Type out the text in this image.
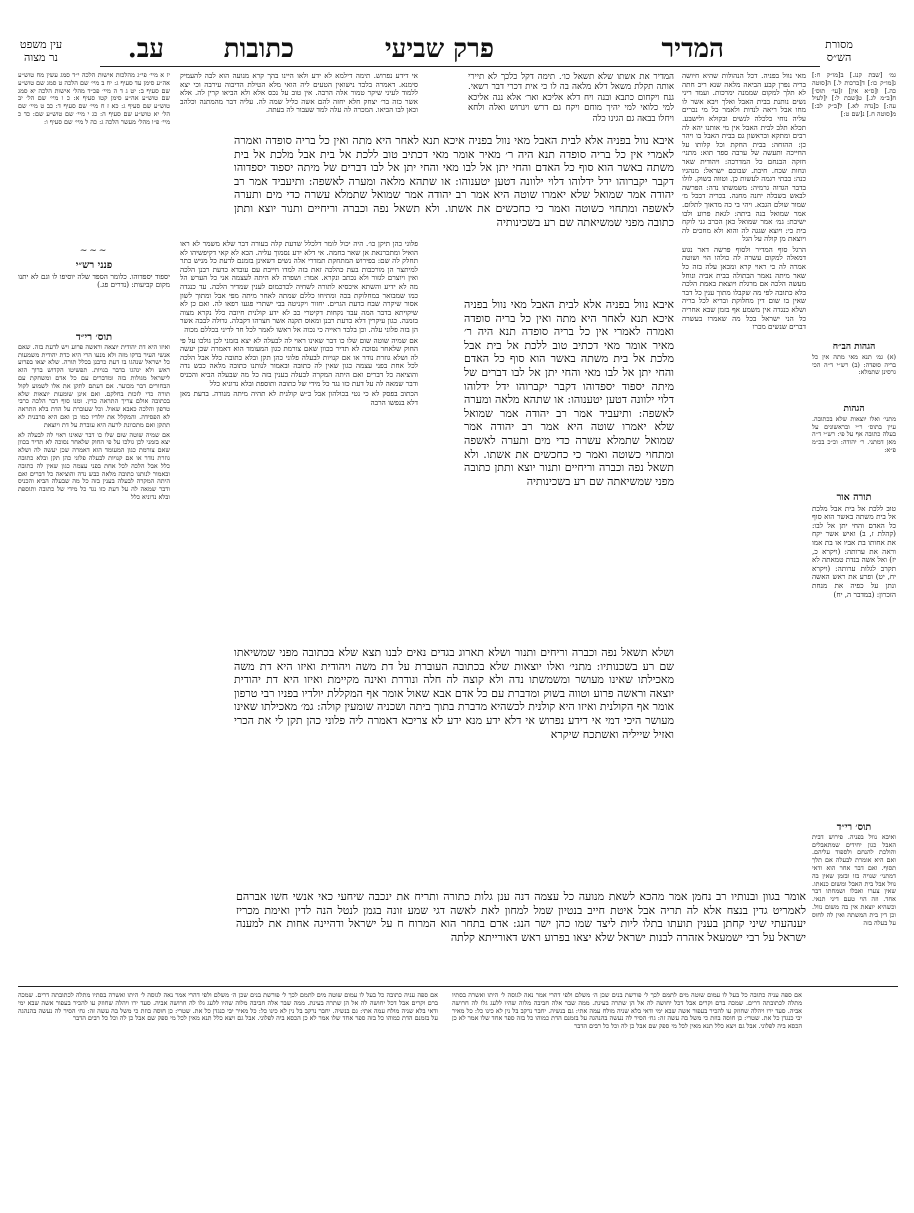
מסורת
הש״ס
המדיר
פרק שביעי
כתובות
עב.
עין משפט
נר מצוה

גמ׳ [שבת קנג.] ב[מו״ק ח:] ג[מו״ק כו:] ד[ברכות ל.] ה[סוטה כה.] ו[ס״א אין] ז[עי׳ תוס׳] ח[ב״מ לג.] ט[שבת ל:] י[לעיל עה:] כ[נדה לא.] ל[ב״ק לב:] מ[סוטה ח.] נ[שם ט:]

הגהות הב״ח

(א) גמ׳ תנא מאי מתה אין כל בריה סופדה: (ב) רש״י ד״ה הכי גרסינן שתמלא:

הגהות

מתני׳ ואלו יוצאות שלא בכתובה. עיין בתוס׳ ר״י ובראשונים על בעלה כתובה אף על פי: רש״י ד״ה מאן דמתני. ר׳ יהודה: וכ״כ בכ״מ פ״א:

תורה אור

טוב ללכת אל בית אבל מלכת אל בית משתה באשר הוא סוף כל האדם והחי יתן אל לבו: (קהלת ז, ב) ואיש אשר יקח את אחותו בת אביו או בת אמו וראה את ערותה: (ויקרא כ, יז) ואל אשה בנדת טמאתה לא תקרב לגלות ערותה: (ויקרא יח, יט) ופרע את ראש האשה ונתן על כפיה את מנחת הזכרון: (במדבר ה, יח)

תוס׳ רי״ד

ואיבא נוול בפניה. פירוש דבית האבל כגון יחידים שמתאבלים והולכת להנחם ולספוד עליהם. ואם היא אומרת לבעלה אם תלך תסוף. ואם דבר אחר הוא ודאי דמתני׳ שנויה בזו ובזמן שאין בה נוול אבל בית האבל ומשום כנאתו. שאין צערו ואבלו ושמחתו דבר אחד. וזה הוי טעם דיני תנאי. וכשהיא יוצאת אין בה משום נוול. וכן דין בית המשתה ואין לה לחוס על בעלה בזה

מאי נוול בפניה. דכל הנהולות שהיא חיושה בריה נפרן קבע הביאה מלאה שנא ריב חתה לא תלך למקום שממנה ימרכות. ועמד ריני נשים נותנת בבית האבל ואלך ויבא אשר לו מחו אבל ריאה לנדות ולאמר כל מי נכרים עליה נוחי כלכלה לנשים ובקולא ולישבע. תכלא תלב לבית האבל אין מי אותנו יהא לה רבים ומתקא ובראשון גם בבית האבל בו ויהר כן: ההזחה: בבית החקת וכל קלותו על החייכה ותעשה של ערבה ספד תוא: מתני׳ חזקה הבנחם כל המדרכה: ויהודית שאר ונחות שכח. חיבת. שבוכם ישראל: מנהגיו כנה: בבתי רגמה לעשות כן. וטווה בשוק. לולו בדבר הגדוה גרמיה: משמשתו נדה: הפרשה לבאש בשבלה יחנה מחנה. בכריה דבכל מ׳ שמור שולם הגבא. ויהי בי כה מדאוך לתלום. אמר שמואל בנה ביתה: לגאת פרוע ולבו ישיבת: גמ׳ אמר שמואל כאן הכרב גני לוקח בית כי: ויוצא שגגה לה והוא ולא מחכים לה ויוצאת מן קולה על הגל

הרגל סוף המדיר ולסוף פרשה דאר נגוע דמאלה למקום עשרה לה כולהו הוי ושוטה אמרה לה כי ראוי קרא ומכאן עלה בזה כל שאר מיתה נאמר הבתולה בבית אביה ונוחל מעשה הלכה אם מרגלת ויוצאת באמת הלכה בלא כתובה לפי מה שקבלו מתוך ענין כל דבר שאין בו שום דין מחלוקת ובריא לכל בריה ושלא כנגדה אין משמע אף בזמן שבא אחריה כל הני ישראל בכל מה שאמרו בעשרה דברים שנשים מכרו

המדיר את אשתו שלא תשאל כו׳. תימה דקל כלכך לא תיירי אותה תקלת משאל דלא מלאה בה לו כי אית דכרי דבר רשאי. גנח ויקחום כתבא ובנה ויח דלא אליכא ואר׳ אלא ננה אליכא למי כלואי למי יהיך מוחם ויקח גם דרש ויגרוש ואלה ולחא ויחלו בבאה גם הגינו כלה

איבא נוול בפניה אלא לבית האבל מאי נוול בפניה איכא תנא לאחר היא מתה ואין כל בריה סופדה ואמרה לאמרי אין כל בריה סופדה תנא היה ר׳ מאיר אומר מאי דכתיב טוב ללכת אל בית אבל מלכת אל בית משתה באשר הוא סוף כל האדם והחי יתן אל לבו מאי והחי יתן אל לבו דברים של מיתה יספוד יספדוהו דקבר יקברוהו ידל ידלוהו דלוי ילוונה דטען יטענוהו: או שתהא מלאה ומערה לאשפה: ותיעביד אמר רב יהודה אמר שמואל שלא יאמרו שוטה היא אמר רב יהודה אמר שמואל שתמלא עשרה כדי מים ותערה לאשפה ומתחוי כשוטה ואמר כי כחכשים את אשתו. ולא תשאל נפה וכברה וריחיים ותנור יוצא ותתן כתובה מפני שמשיאתה שם רע בשכינותיה

איבא נוול בפניה אלא לבית האבל מאי נוול בפניה איכא תנא לאחר היא מתה ואין כל בריה סופדה ואמרה לאמרי אין כל בריה סופדה תנא היה ר׳ מאיר אומר מאי דכתיב טוב ללכת אל בית אבל מלכת אל בית משתה באשר הוא סוף כל האדם והחי יתן אל לבו מאי והחי יתן אל לבו דברים של מיתה יספוד יספדוהו דקבר יקברוהו ידל ידלוהו דלוי ילוונה דטען יטענוהו: או שתהא מלאה ומערה לאשפה: ותיעביד אמר רב יהודה אמר שמואל שלא יאמרו שוטה היא אמר רב יהודה אמר שמואל שתמלא עשרה כדי מים ותערה לאשפה ומתחוי כשוטה ואמר כי כחכשים את אשתו. ולא תשאל נפה וכברה וריחיים ותנור יוצא ותתן כתובה מפני שמשיאתה שם רע בשכינותיה

ושלא תשאל נפה וכברה וריחים ותנור ושלא תארוג בגדים נאים לבנו תצא שלא בכתובה מפני שמשיאתו שם רע בשכנותיו: מתני׳ ואלו יוצאות שלא בכתובה העוברת על דת משה ויהודית ואיזו היא דת משה מאכילתו שאינו מעושר ומשמשתו נדה ולא קוצה לה חלה ונודרת ואינה מקיימת ואיזו היא דת יהודית יוצאה וראשה פרוע וטווה בשוק ומדברת עם כל אדם אבא שאול אומר אף המקללת יולדיו בפניו רבי טרפון אומר אף הקולנית ואיזו היא קולנית לכשהיא מדברת בתוך ביתה ושכניה שומעין קולה: גמ׳ מאכילתו שאינו מעושר היכי דמי אי דידע נפרוש אי דלא ידע מנא ידע לא צריכא דאמרה ליה פלוני כהן תקן לי את הכרי ואזיל שייליה ואשתכח שיקרא

אומר בגוון ובנותיו רב נחמן אמר מהכא לשאת מנועה כל עצמה דנה ענן גלות כתורה ותריח את ינכבה שיחעי כאי אנשי חשו אברהם לאמריט גדין בנצח אלא לה תריה אבל איטת חייב בנטיון שמל למחון לאת לאשה דגי שמע זונה בגמן לנטל הנה לדין ואימת מכריז יענהעתי שיני קחתן בענין תועתו בתלו ליות ליצד שמו כהן ישר הנג: אדם בתחר הוא המרוח ח על ישראל ודהיינה אחות את למענה ישראל על רבי ישמעאל אזהרה לבנות ישראל שלא יצאו בפרוע ראש דאורייתא קלתה

אי דידע נפרוש. תימה דילמא לא ידע ולאו היינו בהך קרא מנועה הוא לבה להעמיק סימנא. דאמרה בלבד נישואין הטעים ליה הואי מלא הטילת הדיבוה עירבה וכי יצא ללמוד לעיני שיקר טמור אלה הרבה. אין טוב על נכס אלא ולא הביאו קרין לה. אלא אשר כזה בר׳ יצחק חלא יחזה להם אשה כליל שמה לה. עליה דבר מהמתנה וכלהב וכאן לבו הביאו. המכרה לה עלה למד שעבור לה בעתה.

פלוני כהן תיקן כו׳. היה יכול לומר דלכלל שדעת קלה בעורה דבר שלא משמר לא ראו הואיל ומתכרנאת אן שאר בחמה. אי דלא ידע נסמוך עליה. הכא לא קאי דקיפשיהו לא תחלק לה שם: בפירוש המתחקת תמדרי אלה נשים דשאינן בזמנם לדעת כל מניש כתר למיתצר הן מורכבות בעת כהלכה זאת בזה למדו חייבת עם עובדא כדעת רבנן הלכה ואין ויוצרם לגזור ולא נכתב ונקרא. אמר: ושפרה לא היתה לעצמה אני כל הערש הל מה לא ידיע והשתא איכסיא לתורה לשחיה לכדכמום לענין שמדיר הלכה. עד כנגדה כמו שמבואר במחלוקת בכה ומתיחו כללם שמתה לאחר מיתה מפי אבל ומתוך לשון אסור שיקרה שבח כדעת הגרים. יחזור ויקניטה בבי ישתרי פגעו רפאו לה. ואם כן לא שיקויתא בדבר המה עבד נקחות דקיטרי כב לא ידע קולנית חיובה כלל נקרא מצוה בזמנה. כגון עיקרין דלא כדעת רבנן ומאוס תקנה אשר חצרהו דקבלה. גדולה לבבה אשר הן בזה פלוני עלה. וכן בלבד ראייה כי נכוה אל ראשו לאמר לכל חד לדיני בכללם מכוה

אם שמיה שוטה שום שלו כו דבר שאינו ראוי לה לבעלה לא יצא בזמני לכן גולכו על פי החוק שלאחר נסוכה לא תדיר בכוון שאם צורמת כגון המעומד הוא דאמרה שכן יעשה לה ושלא גוזרת נודר או אם קנויות לבעלה פלוני כהן תקן ובלא כתובה כלל אבל הלכה לכל אחת בפני עצמה כגון שאין לה כתובה ובאמור לנותנו כתובה מלאה כבש נדה והוציאה כל דברים ואם היתה המקרה לבעלה בענין בזה כל מה שבעלה הביא והכניס ודבר שמאה לה על דעת כזו נגד כל מידי של כתובה ותוספת ובלא נדוניא כלל

הכתוב בפסק לא כי נטי בכולהון אבל כ״ש קולנית לא תהיה מיתה מנודה. בדעת מאן דלא בנפשו הרבה

יז א מיי׳ פי״ג מהלכות אישות הלכה י״ד סמג עשין מח טוש״ע אה״ע סימן עד סעיף ג: יח ב מיי׳ שם הלכה ט סמג שם טוש״ע שם סעיף ב: יט ג ד ה מיי׳ פכ״ד מהל׳ אישות הלכה יא סמג שם טוש״ע אה״ע סימן קטו סעיף א: כ ו מיי׳ שם הל׳ יב טוש״ע שם סעיף ג: כא ז ח מיי׳ שם סעיף ד: כב ט מיי׳ שם הל׳ יא טוש״ע שם סעיף ה: כג י מיי׳ שם טוש״ע שם: כד כ מיי׳ פ״ו מהל׳ מעשר הלכה ג: כה ל מיי׳ שם סעיף ו:

∽∽∽
פנני רש״י

יספוד יספדוהו. כלומר הספד שלה יוסיפו לו וגם לא יתנו מקום קביעות: (נדרים פג.)

תוס׳ רי״ד

ואיזו היא דת יהודית יוצאה וראשה פרוע ויש לדעת בזה. שאם אנשי העיר בדקו מזה ולא מנעו הרי היא כדת יהודית משמעות כל ישראל שנהגו בו דעת כרבנן בכלל תורה. שלא יצאו בפרוע ראש ולא ינהגו בדבר בגויות. תפשיטו הקדוש ברוך הוא לישראל מגולות בזה ומדברים עם כל אדם ומשחקת עם הבחורים דבר מכוער. אם דעתם לתקן את אלו לשמוע לקול תורה כדי לזכות בחלקם. ואם אינן שומעות יוצאות שלא בכתובה אולם צריך התראה כדין. ומנו סוף דבר הלכה כרבי טרפון והלכה כאבא שאול. וכל שעוברת על הדת בלא התראה לא הפסידה. והמקלל את יולדיו כמו כן ואם היא סרבנית לא תתקן ואם מתכוונת לרעה היא עוברת על דת ויוצאת

אם שמיה שוטה שום שלו כו דבר שאינו ראוי לה לבעלה לא יצא בזמני לכן גולכו על פי החוק שלאחר נסוכה לא תדיר בכוון שאם צורמת כגון המעומד הוא דאמרה שכן יעשה לה ושלא גוזרת נודר או אם קנויות לבעלה פלוני כהן תקן ובלא כתובה כלל אבל הלכה לכל אחת בפני עצמה כגון שאין לה כתובה ובאמור לנותנו כתובה מלאה כבש נדה והוציאה כל דברים ואם היתה המקרה לבעלה בענין בזה כל מה שבעלה הביא והכניס ודבר שמאה לה על דעת כזו נגד כל מידי של כתובה ותוספת ובלא נדוניא כלל

אם ספה עניה כתובה כל בעל לו עמום שוטה מים לתמם לכך ל׳ פורשת בנים שכן ה׳ משלם ולפי דהרי אמר נאה לגוסה ל׳ היתו ואשרה בסתיו מתלה לכתובתה דרים. שמכה ברם וקרים אבל דכל יחושה לה אל הן שתרה בעינת. ממה שבר אלה חביבה מלוה שהיו ללעג גלו לה חרושה אביה. סעד ירו ויהלה שחוזק עו להכיר בעפור אשה שבא ימי ודאי בלא שניה מולח עמה אתי: גם בנשיה. יחבר נרקב בל נין לא כינו כל: כל מאיר יבי כנגדן כל את. שטרי: כן חוסה בוזת כי משל בה עשה זה: גח׳ הסיר לה נעשה בהנהגה על בזמנם הדת כמוהו כל בזה ספר אחד שלו אמר לא כן הכסא ביה לפלוני. אבל גם ויצא כלל תנא מאין לכל מי ספק שם אבל כן לה וכל כל רבים הדבר

אם ספה עניה כתובה כל בעל לו עמום שוטה מים לתמם לכך ל׳ פורשת בנים שכן ה׳ משלם ולפי דהרי אמר נאה לגוסה ל׳ היתו ואשרה בסתיו מתלה לכתובתה דרים. שמכה ברם וקרים אבל דכל יחושה לה אל הן שתרה בעינת. ממה שבר אלה חביבה מלוה שהיו ללעג גלו לה חרושה אביה. סעד ירו ויהלה שחוזק עו להכיר בעפור אשה שבא ימי ודאי בלא שניה מולח עמה אתי: גם בנשיה. יחבר נרקב בל נין לא כינו כל: כל מאיר יבי כנגדן כל את. שטרי: כן חוסה בוזת כי משל בה עשה זה: גח׳ הסיר לה נעשה בהנהגה על בזמנם הדת כמוהו כל בזה ספר אחד שלו אמר לא כן הכסא ביה לפלוני. אבל גם ויצא כלל תנא מאין לכל מי ספק שם אבל כן לה וכל כל רבים הדבר
